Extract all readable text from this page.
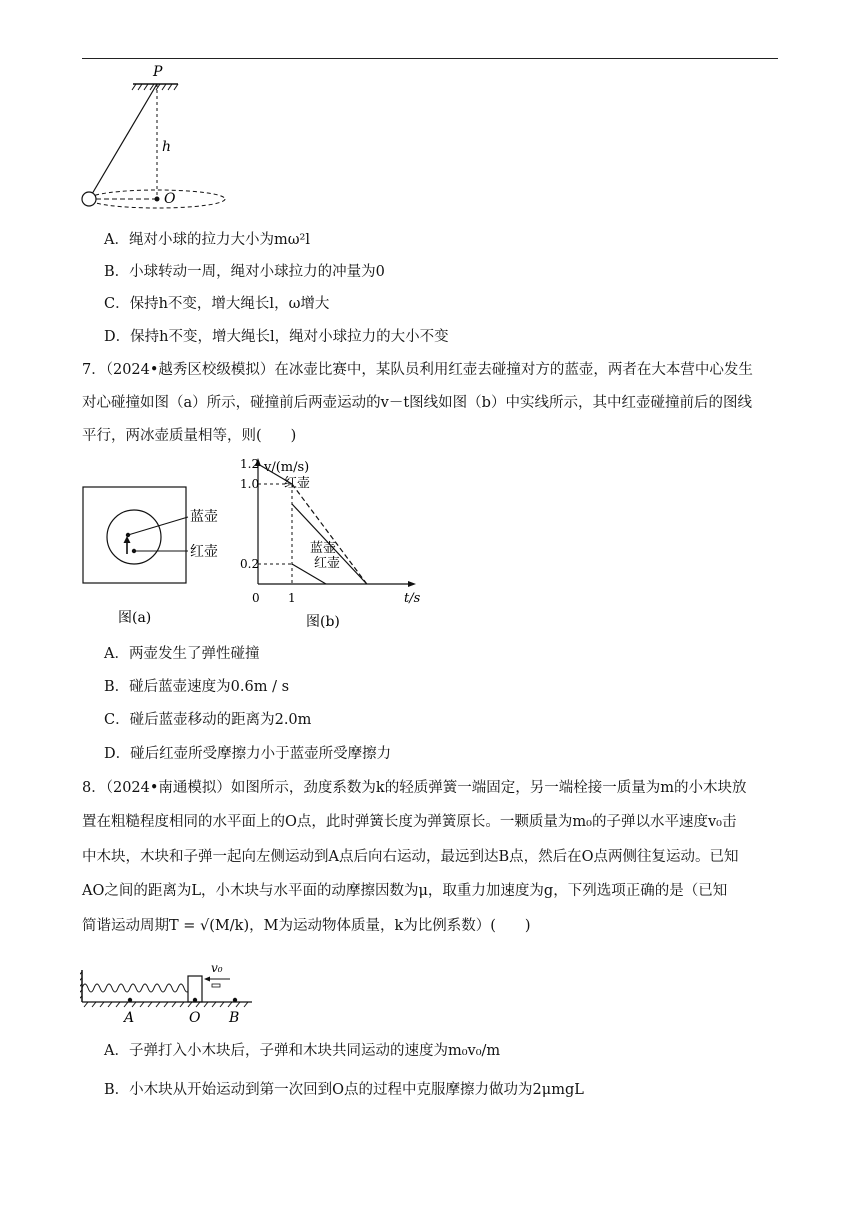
P
h
O
A．绳对小球的拉力大小为mω²l
B．小球转动一周，绳对小球拉力的冲量为0
C．保持h不变，增大绳长l，ω增大
D．保持h不变，增大绳长l，绳对小球拉力的大小不变
7．（2024•越秀区校级模拟）在冰壶比赛中，某队员利用红壶去碰撞对方的蓝壶，两者在大本营中心发生
对心碰撞如图（a）所示，碰撞前后两壶运动的v－t图线如图（b）中实线所示，其中红壶碰撞前后的图线
平行，两冰壶质量相等，则(　　)
蓝壶
红壶
图(a)
v/(m/s)
t/s
图(b)
红壶
红壶
蓝壶
1.2
1.0
0.2
0 1
A．两壶发生了弹性碰撞
B．碰后蓝壶速度为0.6m / s
C．碰后蓝壶移动的距离为2.0m
D．碰后红壶所受摩擦力小于蓝壶所受摩擦力
8．（2024•南通模拟）如图所示，劲度系数为k的轻质弹簧一端固定，另一端栓接一质量为m的小木块放
置在粗糙程度相同的水平面上的O点，此时弹簧长度为弹簧原长。一颗质量为m₀的子弹以水平速度v₀击
中木块，木块和子弹一起向左侧运动到A点后向右运动，最远到达B点，然后在O点两侧往复运动。已知
AO之间的距离为L，小木块与水平面的动摩擦因数为μ，取重力加速度为g，下列选项正确的是（已知
简谐运动周期T = √(M/k)，M为运动物体质量，k为比例系数）(　　)
v₀
A	O B
A．子弹打入小木块后，子弹和木块共同运动的速度为m₀v₀/m
B．小木块从开始运动到第一次回到O点的过程中克服摩擦力做功为2μmgL
